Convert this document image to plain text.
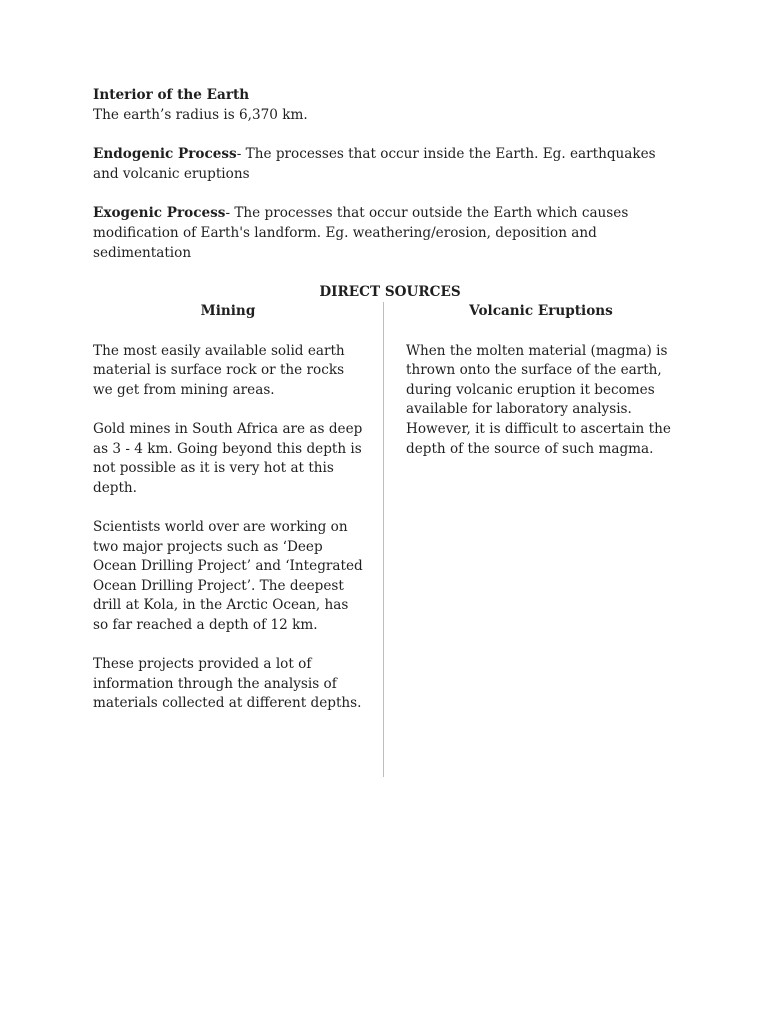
Interior of the Earth
The earth’s radius is 6,370 km.

Endogenic Process- The processes that occur inside the Earth. Eg. earthquakes and volcanic eruptions

Exogenic Process- The processes that occur outside the Earth which causes modification of Earth's landform. Eg. weathering/erosion, deposition and sedimentation

DIRECT SOURCES

Mining

The most easily available solid earth material is surface rock or the rocks we get from mining areas.

Gold mines in South Africa are as deep as 3 - 4 km. Going beyond this depth is not possible as it is very hot at this depth.

Scientists world over are working on two major projects such as ‘Deep Ocean Drilling Project’ and ‘Integrated Ocean Drilling Project’. The deepest drill at Kola, in the Arctic Ocean, has so far reached a depth of 12 km.

These projects provided a lot of information through the analysis of materials collected at different depths.

Volcanic Eruptions

When the molten material (magma) is thrown onto the surface of the earth, during volcanic eruption it becomes available for laboratory analysis. However, it is difficult to ascertain the depth of the source of such magma.
